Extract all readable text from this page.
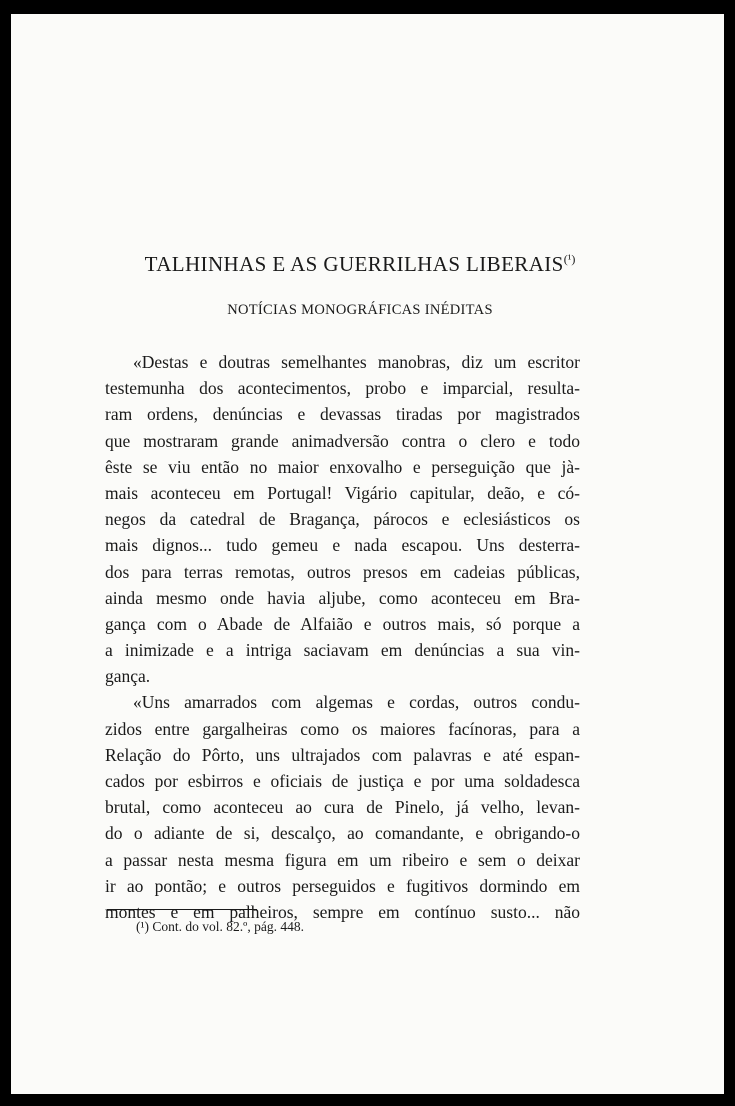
TALHINHAS E AS GUERRILHAS $LIBERAIS^{(^1)}$

NOTÍCIAS MONOGRÁFICAS INÉDITAS

«Destas e doutras semelhantes manobras, diz um escritor
testemunha dos acontecimentos, probo e imparcial, resulta-
ram ordens, denúncias e devassas tiradas por magistrados
que mostraram grande animadversão contra o clero e todo
êste se viu então no maior enxovalho e perseguição que jà-
mais aconteceu em Portugal! Vigário capitular, deão, e có-
negos da catedral de Bragança, párocos e eclesiásticos os
mais dignos... tudo gemeu e nada escapou. Uns desterra-
dos para terras remotas, outros presos em cadeias públicas,
ainda mesmo onde havia aljube, como aconteceu em Bra-
gança com o Abade de Alfaião e outros mais, só porque a
a inimizade e a intriga saciavam em denúncias a sua vin-
gança.
«Uns amarrados com algemas e cordas, outros condu-
zidos entre gargalheiras como os maiores facínoras, para a
Relação do Pôrto, uns ultrajados com palavras e até espan-
cados por esbirros e oficiais de justiça e por uma soldadesca
brutal, como aconteceu ao cura de Pinelo, já velho, levan-
do o adiante de si, descalço, ao comandante, e obrigando-o
a passar nesta mesma figura em um ribeiro e sem o deixar
ir ao pontão; e outros perseguidos e fugitivos dormindo em
montes e em palheiros, sempre em contínuo susto... não
(¹) Cont. do vol. 82.º, pág. 448.
